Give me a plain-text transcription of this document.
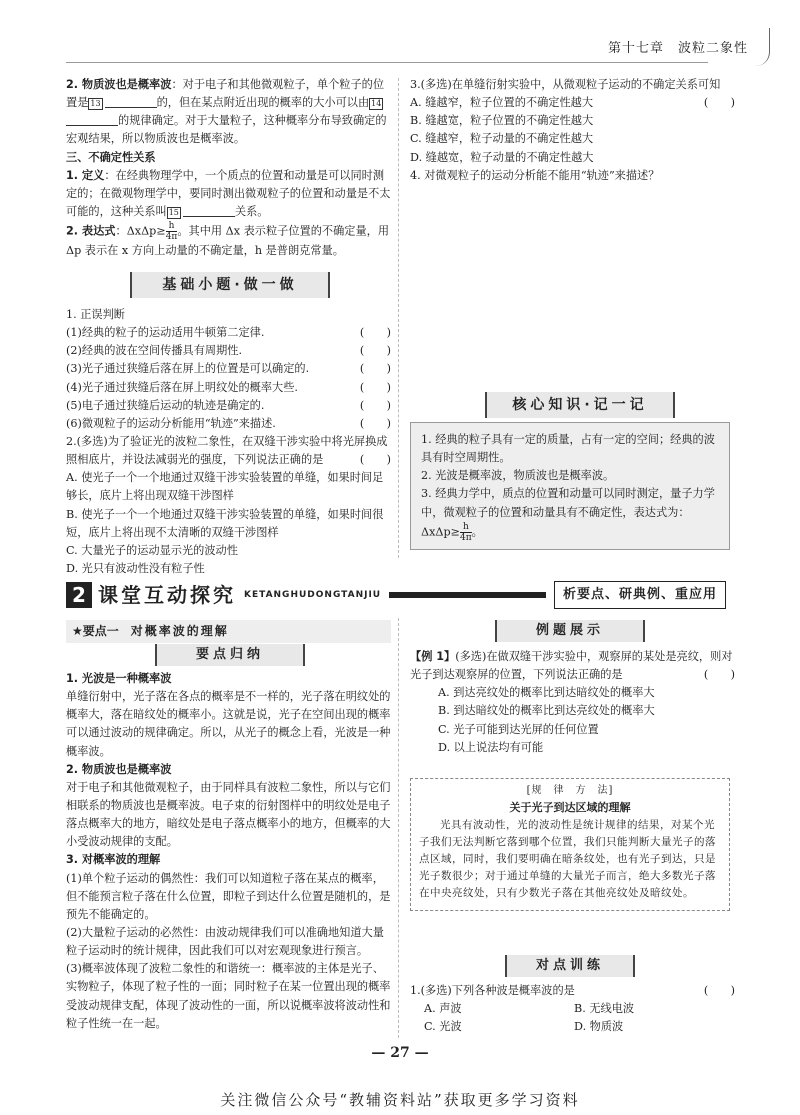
第十七章　波粒二象性

2. 物质波也是概率波：对于电子和其他微观粒子，单个粒子的位置是 13	的，但在某点附近出现的概率的大小可以由 14的规律确定。对于大量粒子，这种概率分布导致确定的宏观结果，所以物质波也是概率波。

三、不确定性关系

1. 定义：在经典物理学中，一个质点的位置和动量是可以同时测定的；在微观物理学中，要同时测出微观粒子的位置和动量是不太可能的，这种关系叫 15	关系。

2. 表达式：$\Delta x\Delta p\ge \frac{h}{4\pi}$ 。其中用 Δx 表示粒子位置的不确定量，用 Δp 表示在 x 方向上动量的不确定量，h 是普朗克常量。

基础小题·做一做

1. 正误判断

(1)经典的粒子的运动适用牛顿第二定律.	(　　)
(2)经典的波在空间传播具有周期性.	(　　)
(3)光子通过狭缝后落在屏上的位置是可以确定的.	(　　)
(4)光子通过狭缝后落在屏上明纹处的概率大些.	(　　)
(5)电子通过狭缝后运动的轨迹是确定的.	(　　)
(6)微观粒子的运动分析能用“轨迹”来描述.	(　　)

2.(多选)为了验证光的波粒二象性，在双缝干涉实验中将光屏换成照相底片，并设法减弱光的强度，下列说法正确的是	(　　)

A. 使光子一个一个地通过双缝干涉实验装置的单缝，如果时间足够长，底片上将出现双缝干涉图样

B. 使光子一个一个地通过双缝干涉实验装置的单缝，如果时间很短，底片上将出现不太清晰的双缝干涉图样

C. 大量光子的运动显示光的波动性

D. 光只有波动性没有粒子性

3.(多选)在单缝衍射实验中，从微观粒子运动的不确定关系可知
(　　)

A. 缝越窄，粒子位置的不确定性越大

B. 缝越宽，粒子位置的不确定性越大

C. 缝越窄，粒子动量的不确定性越大

D. 缝越宽，粒子动量的不确定性越大

4. 对微观粒子的运动分析能不能用“轨迹”来描述？

核心知识·记一记

1. 经典的粒子具有一定的质量，占有一定的空间；经典的波具有时空周期性。

2. 光波是概率波，物质波也是概率波。

3. 经典力学中，质点的位置和动量可以同时测定，量子力学中，微观粒子的位置和动量具有不确定性，表达式为：$\Delta x\Delta p\ge \frac{h}{4\pi}$ 。

2 课堂互动探究 KETANGHUDONGTANJIU	析要点、研典例、重应用
★要点一　 对概率波的理解
要点归纳

1. 光波是一种概率波

单缝衍射中，光子落在各点的概率是不一样的，光子落在明纹处的概率大，落在暗纹处的概率小。这就是说，光子在空间出现的概率可以通过波动的规律确定。所以，从光子的概念上看，光波是一种概率波。

2. 物质波也是概率波

对于电子和其他微观粒子，由于同样具有波粒二象性，所以与它们相联系的物质波也是概率波。电子束的衍射图样中的明纹处是电子落点概率大的地方，暗纹处是电子落点概率小的地方，但概率的大小受波动规律的支配。

3. 对概率波的理解

(1)单个粒子运动的偶然性：我们可以知道粒子落在某点的概率，但不能预言粒子落在什么位置，即粒子到达什么位置是随机的，是预先不能确定的。

(2)大量粒子运动的必然性：由波动规律我们可以准确地知道大量粒子运动时的统计规律，因此我们可以对宏观现象进行预言。

(3)概率波体现了波粒二象性的和谐统一：概率波的主体是光子、实物粒子，体现了粒子性的一面；同时粒子在某一位置出现的概率受波动规律支配，体现了波动性的一面，所以说概率波将波动性和粒子性统一在一起。

例题展示

【例 1】(多选)在做双缝干涉实验中，观察屏的某处是亮纹，则对光子到达观察屏的位置，下列说法正确的是	(　　)

A. 到达亮纹处的概率比到达暗纹处的概率大

B. 到达暗纹处的概率比到达亮纹处的概率大

C. 光子可能到达光屏的任何位置

D. 以上说法均有可能

[规　律　方　法]

关于光子到达区域的理解

光具有波动性，光的波动性是统计规律的结果，对某个光子我们无法判断它落到哪个位置，我们只能判断大量光子的落点区域，同时，我们要明确在暗条纹处，也有光子到达，只是光子数很少；对于通过单缝的大量光子而言，绝大多数光子落在中央亮纹处，只有少数光子落在其他亮纹处及暗纹处。

对点训练

1.(多选)下列各种波是概率波的是	(　　)

A. 声波	B. 无线电波
C. 光波	D. 物质波
— 27 —
关注微信公众号“教辅资料站”获取更多学习资料
